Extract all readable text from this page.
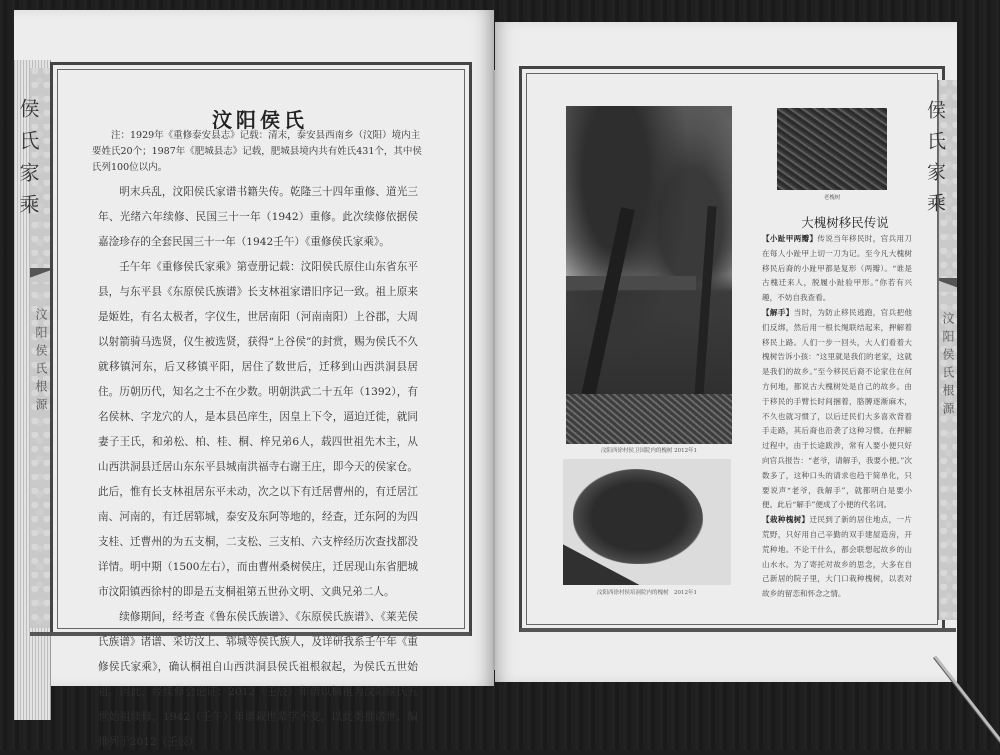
汶阳侯氏根源
汶阳侯氏
注：1929年《重修泰安县志》记载：清末，泰安县西南乡（汶阳）境内主要姓氏20个；1987年《肥城县志》记载，肥城县境内共有姓氏431个，其中侯氏列100位以内。

明末兵乱，汶阳侯氏家谱书籍失传。乾隆三十四年重修、道光三年、光绪六年续修、民国三十一年（1942）重修。此次续修依据侯嘉淦珍存的全套民国三十一年（1942壬午）《重修侯氏家乘》。

壬午年《重修侯氏家乘》第壹册记载：汶阳侯氏原住山东省东平县，与东平县《东原侯氏族谱》长支林祖家谱旧序记一致。祖上原来是姬姓，有名太极者，字仪生，世居南阳（河南南阳）上谷郡，大周以射箭骑马选贤，仪生被选贤，获得“上谷侯”的封赏，赐为侯氏不久就移镇河东，后又移镇平阳，居住了数世后，迁移到山西洪洞县居住。历朝历代，知名之士不在少数。明朝洪武二十五年（1392），有名侯林、字龙穴的人，是本县邑庠生，因皇上下令，逼迫迁徙，就同妻子王氏，和弟松、柏、桂、桐、梓兄弟6人，载四世祖先木主，从山西洪洞县迁居山东东平县城南洪福寺右谢王庄，即今天的侯家仓。此后，惟有长支林祖居东平未动，次之以下有迁居曹州的，有迁居江南、河南的，有迁居郓城，泰安及东阿等地的，经查，迁东阿的为四支桂、迁曹州的为五支桐，二支松、三支柏、六支梓经历次查找都没详情。明中期（1500左右），而由曹州桑树侯庄，迁居现山东省肥城市汶阳镇西徐村的即是五支桐祖第五世孙文明、文典兄弟二人。

续修期间，经考查《鲁东侯氏族谱》、《东原侯氏族谱》、《莱芜侯氏族谱》诸谱、采访汶上、郓城等侯氏族人，及详研我系壬午年《重修侯氏家乘》，确认桐祖自山西洪洞县侯氏祖根叙起，为侯氏五世始祖。因此，经续修会论证：2012（壬辰）年谱以桐祖为汶阳侯氏五世始祖续修，1942（壬午）年谱栽世辈字不变，以此类推诸世，编排列于2012（壬辰）

汶阳侯氏根源
汶阳西徐村侯卫国院内的槐树 2012年1
老槐树
汶阳西徐村侯培洞院内的槐树　2012年1
大槐树移民传说

【小趾甲两瓣】传说当年移民时，官兵用刀在每人小趾甲上切一刀为记。至今凡大槐树移民后裔的小趾甲都是复形（两瓣）。“谁是古槐迁来人，脱履小趾验甲形。”你若有兴趣，不妨自我查看。

【解手】当时，为防止移民逃跑，官兵把他们反绑，然后用一根长绳联结起来，押解着移民上路。人们一步一回头，大人们看着大槐树告诉小孩：“这里就是我们的老家，这就是我们的故乡。”至今移民后裔不论家住在何方何地，都说古大槐树处是自己的故乡。由于移民的手臂长时间捆着，胳膊逐渐麻木，不久也就习惯了，以后迁民们大多喜欢背着手走路，其后裔也沿袭了这种习惯。在押解过程中，由于长途跋涉，常有人要小便只好向官兵报告：“老爷，请解手，我要小便。”次数多了，这种口头的请求也趋于简单化，只要说声“老爷，我解手”，就都明白是要小便。此后“解手”便成了小便的代名词。

【栽种槐树】迁民到了新的居住地点，一片荒野，只好用自己辛勤的双手建屋造房，开荒种地。不论干什么，都会联想起故乡的山山水水。为了寄托对故乡的思念，大多在自己新居的院子里，大门口栽种槐树，以表对故乡的留恋和怀念之情。
